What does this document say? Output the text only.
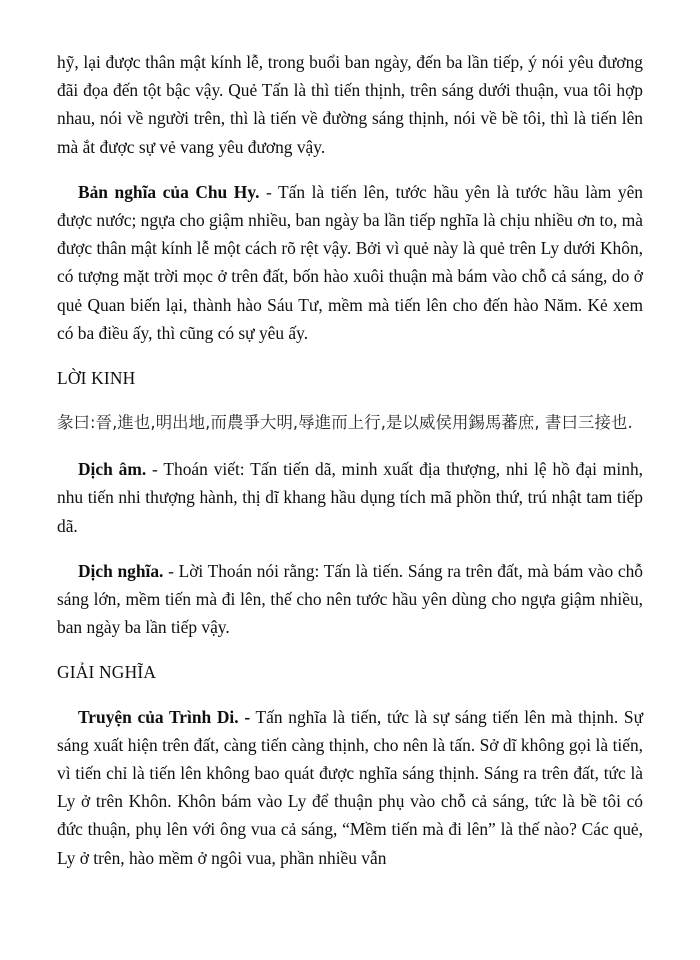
hỹ, lại được thân mật kính lễ, trong buổi ban ngày, đến ba lần tiếp, ý nói yêu đương đãi đọa đến tột bậc vậy. Quẻ Tấn là thì tiến thịnh, trên sáng dưới thuận, vua tôi hợp nhau, nói về người trên, thì là tiến về đường sáng thịnh, nói về bề tôi, thì là tiến lên mà ắt được sự vẻ vang yêu đương vậy.

Bản nghĩa của Chu Hy. - Tấn là tiến lên, tước hầu yên là tước hầu làm yên được nước; ngựa cho giậm nhiều, ban ngày ba lần tiếp nghĩa là chịu nhiều ơn to, mà được thân mật kính lễ một cách rõ rệt vậy. Bởi vì quẻ này là quẻ trên Ly dưới Khôn, có tượng mặt trời mọc ở trên đất, bốn hào xuôi thuận mà bám vào chỗ cả sáng, do ở quẻ Quan biến lại, thành hào Sáu Tư, mềm mà tiến lên cho đến hào Năm. Kẻ xem có ba điều ấy, thì cũng có sự yêu ấy.

LỜI KINH

彖曰:晉,進也,明出地,而農爭大明,辱進而上行,是以威侯用錫馬蕃庶, 書曰三接也.

Dịch âm. - Thoán viết: Tấn tiến dã, minh xuất địa thượng, nhi lệ hồ đại minh, nhu tiến nhi thượng hành, thị dĩ khang hầu dụng tích mã phồn thứ, trú nhật tam tiếp dã.

Dịch nghĩa. - Lời Thoán nói rằng: Tấn là tiến. Sáng ra trên đất, mà bám vào chỗ sáng lớn, mềm tiến mà đi lên, thế cho nên tước hầu yên dùng cho ngựa giậm nhiều, ban ngày ba lần tiếp vậy.

GIẢI NGHĨA

Truyện của Trình Di. - Tấn nghĩa là tiến, tức là sự sáng tiến lên mà thịnh. Sự sáng xuất hiện trên đất, càng tiến càng thịnh, cho nên là tấn. Sở dĩ không gọi là tiến, vì tiến chỉ là tiến lên không bao quát được nghĩa sáng thịnh. Sáng ra trên đất, tức là Ly ở trên Khôn. Khôn bám vào Ly để thuận phụ vào chỗ cả sáng, tức là bề tôi có đức thuận, phụ lên với ông vua cả sáng, “Mềm tiến mà đi lên” là thế nào? Các quẻ, Ly ở trên, hào mềm ở ngôi vua, phần nhiều vẫn
